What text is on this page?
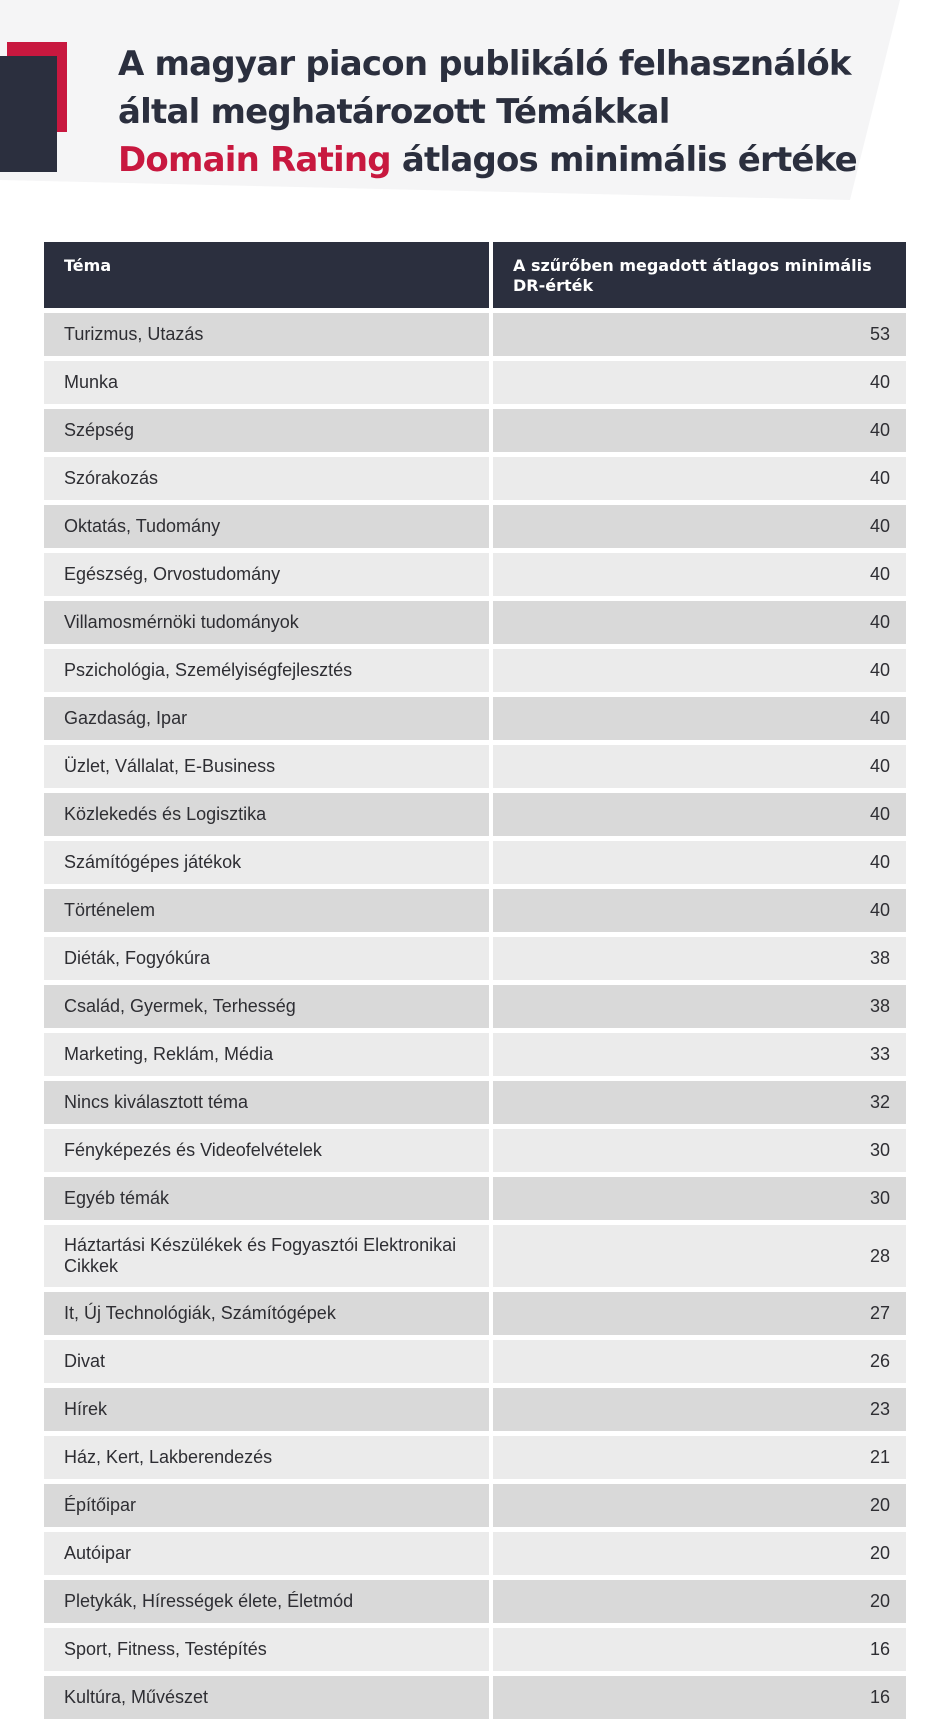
A magyar piacon publikáló felhasználók
által meghatározott Témákkal
Domain Rating átlagos minimális értéke
Téma	A szűrőben megadott átlagos minimális DR-érték
Turizmus, Utazás	53
Munka	40
Szépség	40
Szórakozás	40
Oktatás, Tudomány	40
Egészség, Orvostudomány	40
Villamosmérnöki tudományok	40
Pszichológia, Személyiségfejlesztés	40
Gazdaság, Ipar	40
Üzlet, Vállalat, E-Business	40
Közlekedés és Logisztika	40
Számítógépes játékok	40
Történelem	40
Diéták, Fogyókúra	38
Család, Gyermek, Terhesség	38
Marketing, Reklám, Média	33
Nincs kiválasztott téma	32
Fényképezés és Videofelvételek	30
Egyéb témák	30
Háztartási Készülékek és Fogyasztói Elektronikai Cikkek	28
It, Új Technológiák, Számítógépek	27
Divat	26
Hírek	23
Ház, Kert, Lakberendezés	21
Építőipar	20
Autóipar	20
Pletykák, Hírességek élete, Életmód	20
Sport, Fitness, Testépítés	16
Kultúra, Művészet	16
